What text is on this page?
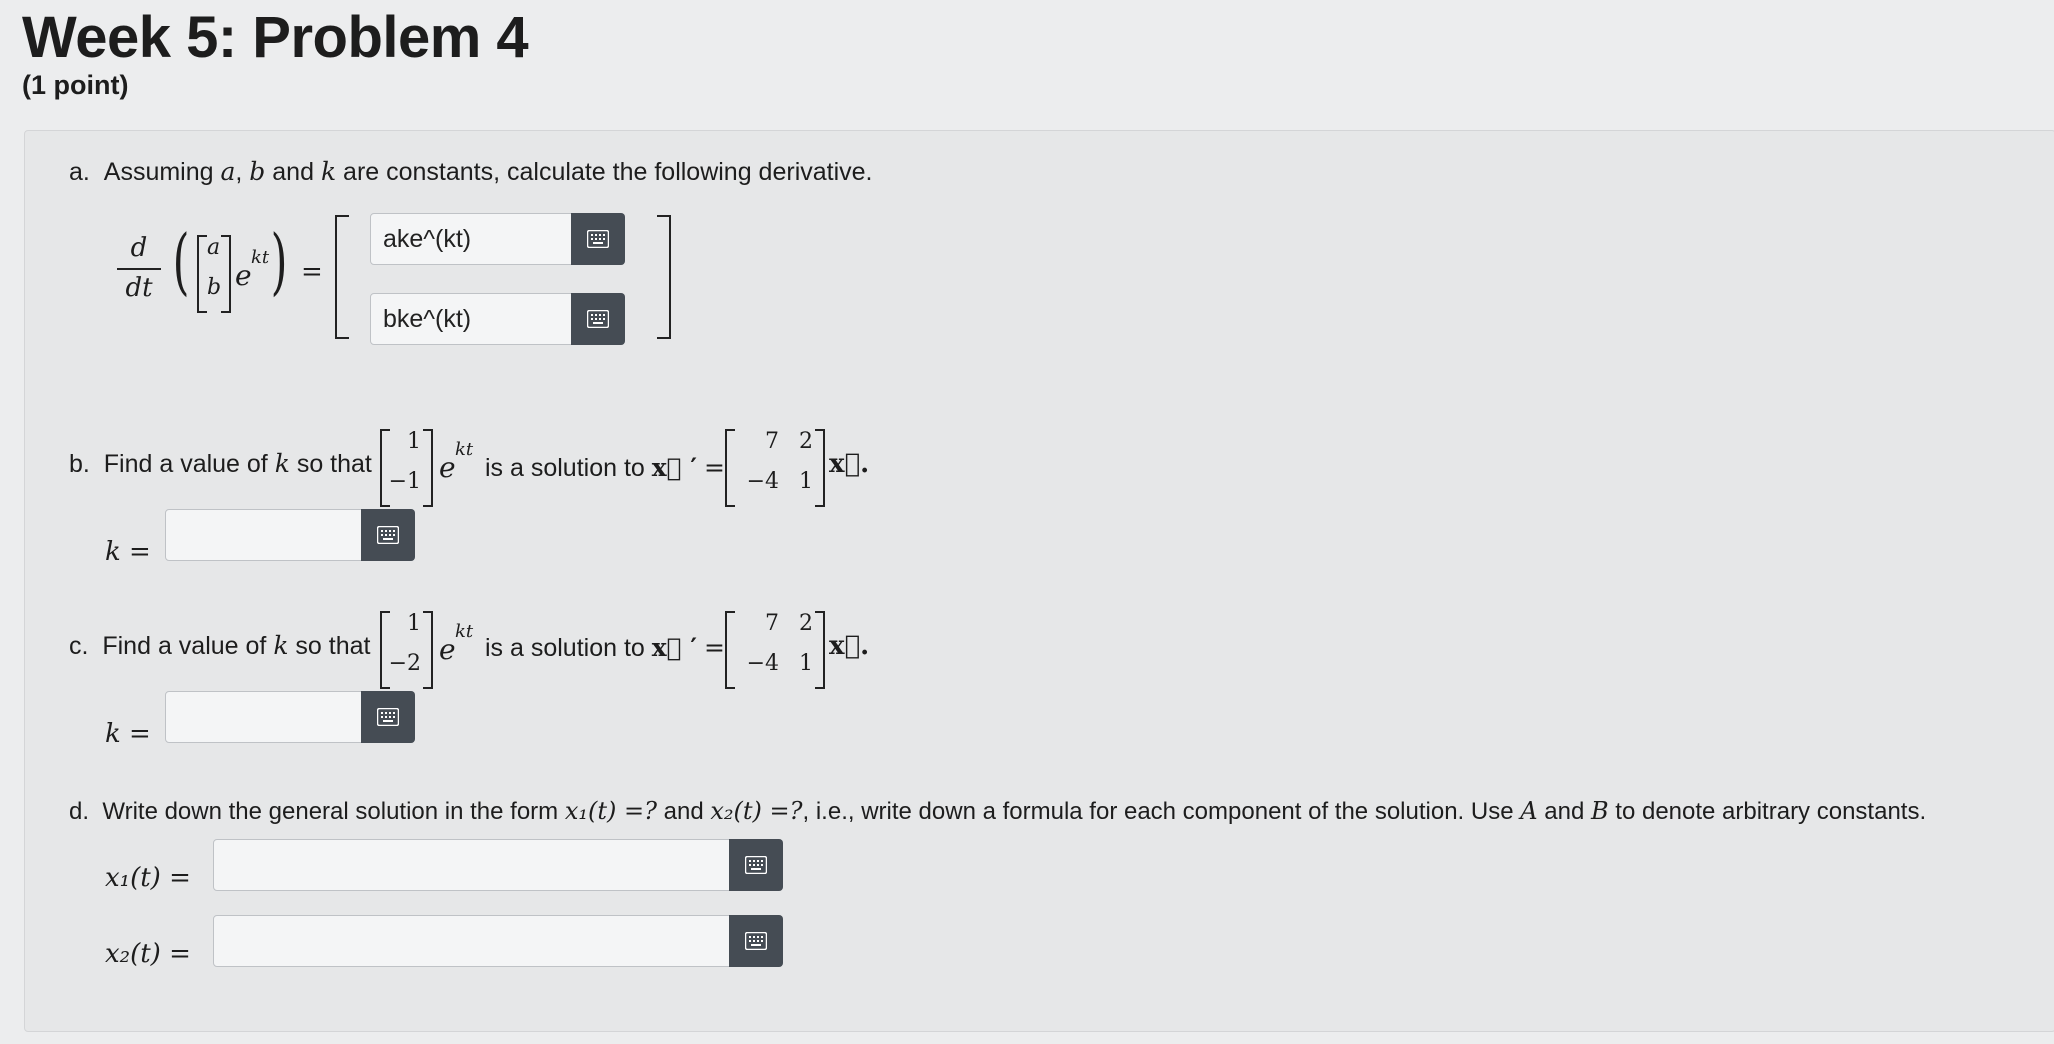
Week 5: Problem 4
(1 point)
a. Assuming a, b and k are constants, calculate the following derivative.
d
dt ( a
b e
kt ) =
ake^(kt)
bke^(kt)
b. Find a value of k so that
1
−1 e
kt
is a solution to x⃗ ′ =
7 2
−4 1
x⃗.
k =
c. Find a value of k so that
1
−2 e
kt
is a solution to x⃗ ′ =
7 2
−4 1
x⃗.
k =
d. Write down the general solution in the form x₁(t) =? and x₂(t) =?, i.e., write down a formula for each component of the solution. Use A and B to denote arbitrary constants.
x₁(t) =
x₂(t) =
